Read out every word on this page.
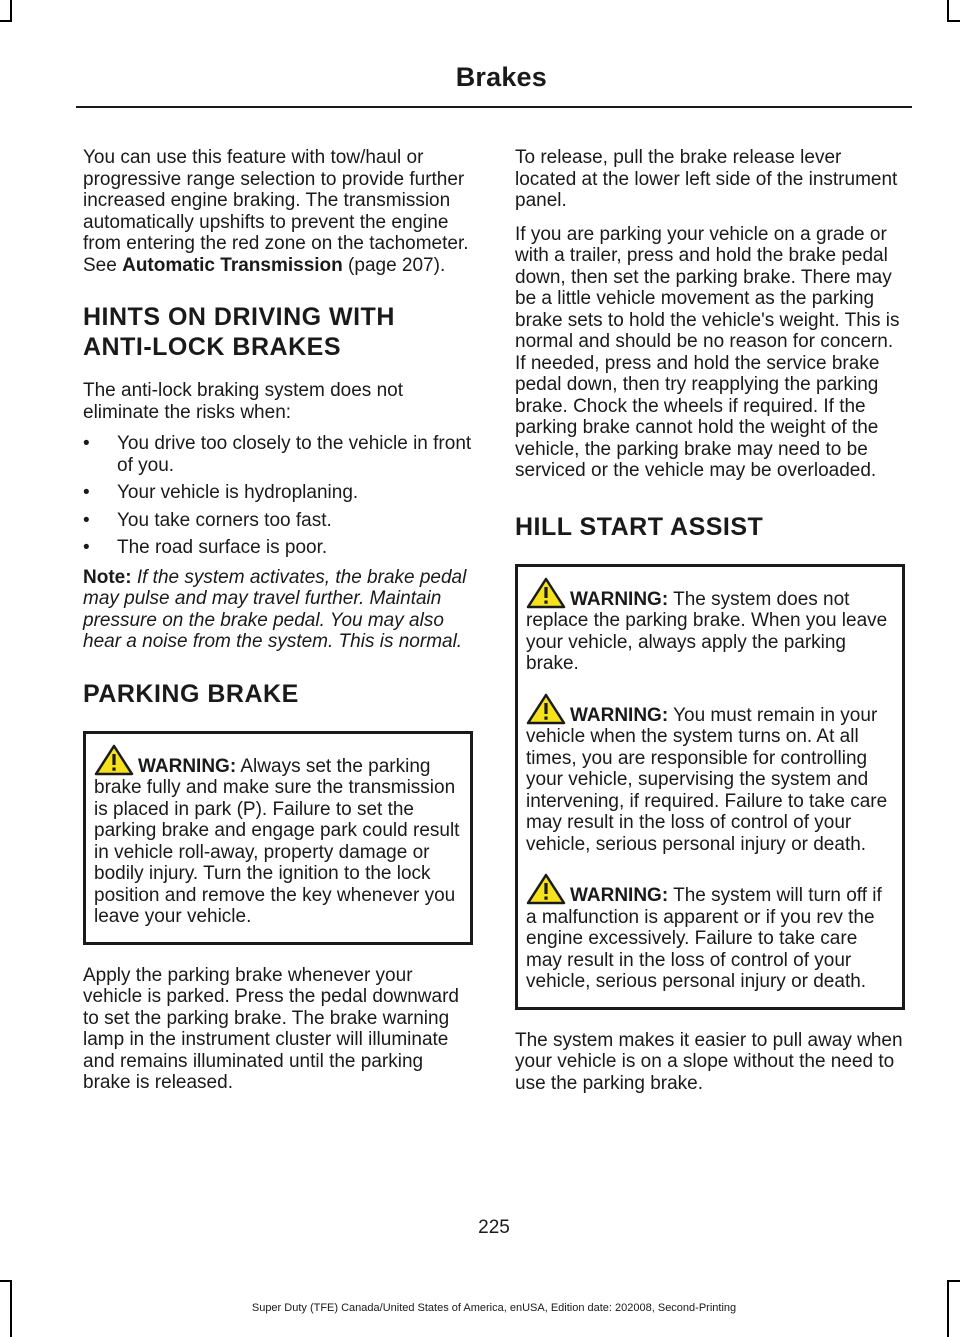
Brakes

You can use this feature with tow/haul or progressive range selection to provide further increased engine braking. The transmission automatically upshifts to prevent the engine from entering the red zone on the tachometer. See Automatic Transmission (page 207).

HINTS ON DRIVING WITH
ANTI-LOCK BRAKES

The anti-lock braking system does not eliminate the risks when:

• You drive too closely to the vehicle in front of you.
• Your vehicle is hydroplaning.
• You take corners too fast.
• The road surface is poor.

Note: If the system activates, the brake pedal may pulse and may travel further. Maintain pressure on the brake pedal. You may also hear a noise from the system. This is normal.

PARKING BRAKE

WARNING: Always set the parking brake fully and make sure the transmission is placed in park (P). Failure to set the parking brake and engage park could result in vehicle roll-away, property damage or bodily injury. Turn the ignition to the lock position and remove the key whenever you leave your vehicle.

Apply the parking brake whenever your vehicle is parked. Press the pedal downward to set the parking brake. The brake warning lamp in the instrument cluster will illuminate and remains illuminated until the parking brake is released.

To release, pull the brake release lever located at the lower left side of the instrument panel.

If you are parking your vehicle on a grade or with a trailer, press and hold the brake pedal down, then set the parking brake. There may be a little vehicle movement as the parking brake sets to hold the vehicle's weight. This is normal and should be no reason for concern. If needed, press and hold the service brake pedal down, then try reapplying the parking brake. Chock the wheels if required. If the parking brake cannot hold the weight of the vehicle, the parking brake may need to be serviced or the vehicle may be overloaded.

HILL START ASSIST

WARNING: The system does not replace the parking brake. When you leave your vehicle, always apply the parking brake.

WARNING: You must remain in your vehicle when the system turns on. At all times, you are responsible for controlling your vehicle, supervising the system and intervening, if required. Failure to take care may result in the loss of control of your vehicle, serious personal injury or death.

WARNING: The system will turn off if a malfunction is apparent or if you rev the engine excessively. Failure to take care may result in the loss of control of your vehicle, serious personal injury or death.

The system makes it easier to pull away when your vehicle is on a slope without the need to use the parking brake.

225
Super Duty (TFE) Canada/United States of America, enUSA, Edition date: 202008, Second-Printing
